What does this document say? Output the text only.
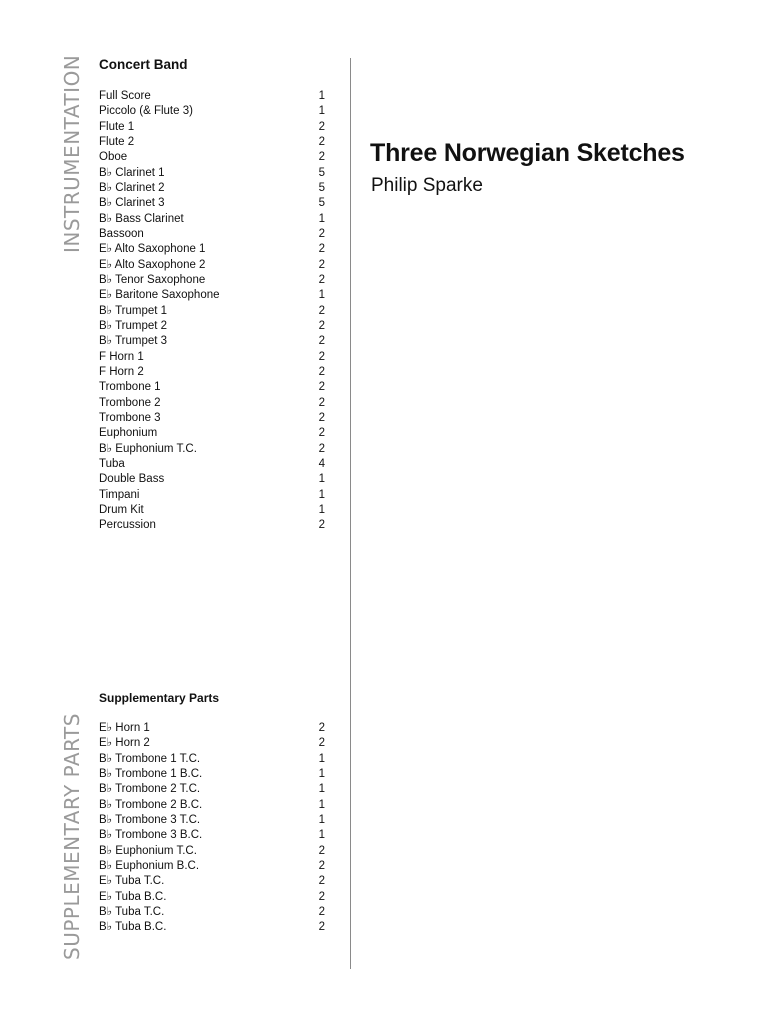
INSTRUMENTATION
SUPPLEMENTARY PARTS
Concert Band
Full Score	1
Piccolo (& Flute 3)	1
Flute 1	2
Flute 2	2
Oboe	2
B♭ Clarinet 1	5
B♭ Clarinet 2	5
B♭ Clarinet 3	5
B♭ Bass Clarinet	1
Bassoon	2
E♭ Alto Saxophone 1	2
E♭ Alto Saxophone 2	2
B♭ Tenor Saxophone	2
E♭ Baritone Saxophone	1
B♭ Trumpet 1	2
B♭ Trumpet 2	2
B♭ Trumpet 3	2
F Horn 1	2
F Horn 2	2
Trombone 1	2
Trombone 2	2
Trombone 3	2
Euphonium	2
B♭ Euphonium T.C.	2
Tuba	4
Double Bass	1
Timpani	1
Drum Kit	1
Percussion	2
Supplementary Parts
E♭ Horn 1	2
E♭ Horn 2	2
B♭ Trombone 1 T.C.	1
B♭ Trombone 1 B.C.	1
B♭ Trombone 2 T.C.	1
B♭ Trombone 2 B.C.	1
B♭ Trombone 3 T.C.	1
B♭ Trombone 3 B.C.	1
B♭ Euphonium T.C.	2
B♭ Euphonium B.C.	2
E♭ Tuba T.C.	2
E♭ Tuba B.C.	2
B♭ Tuba T.C.	2
B♭ Tuba B.C.	2
Three Norwegian Sketches
Philip Sparke
